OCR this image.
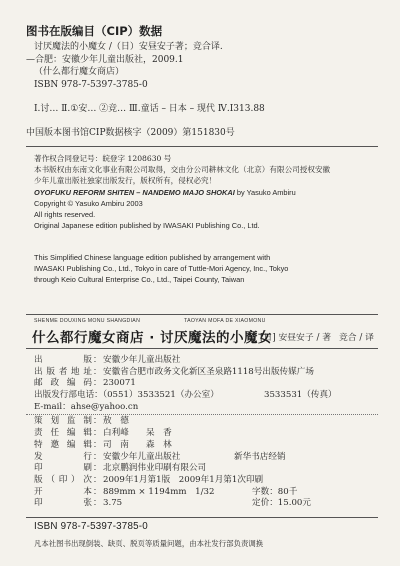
图书在版编目（CIP）数据
讨厌魔法的小魔女 /（日）安昼安子著；竞合译.
—合肥：安徽少年儿童出版社，2009.1
（什么都行魔女商店）
ISBN 978-7-5397-3785-0
Ⅰ.讨… Ⅱ.①安… ②竞… Ⅲ.童话 – 日本 – 现代 Ⅳ.I313.88
中国版本图书馆CIP数据核字（2009）第151830号
著作权合同登记号：皖登字 1208630 号
本书版权由东南文化事业有限公司取得，交由分公司耕林文化（北京）有限公司授权安徽
少年儿童出版社独家出版发行，版权所有，侵权必究！
OYOFUKU REFORM SHITEN – NANDEMO MAJO SHOKAI by Yasuko Ambiru
Copyright © Yasuko Ambiru 2003
All rights reserved.
Original Japanese edition published by IWASAKI Publishing Co., Ltd.
This Simplified Chinese language edition published by arrangement with
IWASAKI Publishing Co., Ltd., Tokyo in care of Tuttle-Mori Agency, Inc., Tokyo
through Keio Cultural Enterprise Co., Ltd., Taipei County, Taiwan
SHENME DOUXING MONU SHANGDIAN	TAOYAN MOFA DE XIAOMONU
什么都行魔女商店 · 讨厌魔法的小魔女
[日] 安昼安子 / 著 竞合 / 译
出　　版 ： 安徽少年儿童出版社
出版者地址 ： 安徽省合肥市政务文化新区圣泉路1118号出版传媒广场
邮政编码 ： 230071
出版发行部电话：（0551）3533521（办公室）	3533531（传真）
E-mail：ahse@yahoo.cn
策划监制 ： 敖　德
责任编辑 ： 白利峰　　呆　香
特邀编辑 ： 司　南　　森　林
发　　行 ： 安徽少年儿童出版社	新华书店经销
印　　刷 ： 北京鹏润伟业印刷有限公司
版（印）次 ： 2009年1月第1版　2009年1月第1次印刷
开　　本 ： 889mm × 1194mm　1/32	字数：80千
印　　张 ： 3.75	定价：15.00元
ISBN 978-7-5397-3785-0
凡本社图书出现倒装、缺页、脱页等质量问题，由本社发行部负责调换
